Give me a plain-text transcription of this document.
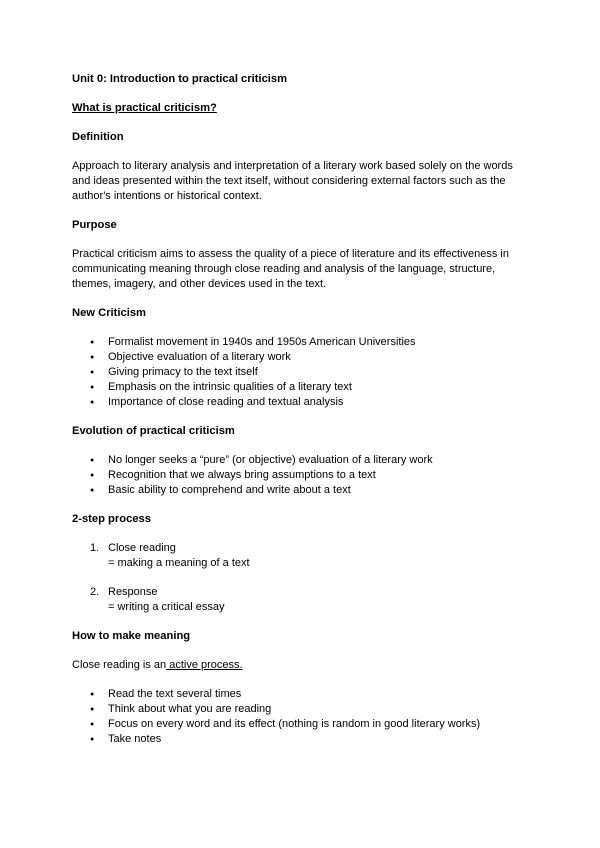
Unit 0: Introduction to practical criticism
What is practical criticism?
Definition

Approach to literary analysis and interpretation of a literary work based solely on the words and ideas presented within the text itself, without considering external factors such as the author's intentions or historical context.

Purpose

Practical criticism aims to assess the quality of a piece of literature and its effectiveness in communicating meaning through close reading and analysis of the language, structure, themes, imagery, and other devices used in the text.

New Criticism
● Formalist movement in 1940s and 1950s American Universities
● Objective evaluation of a literary work
● Giving primacy to the text itself
● Emphasis on the intrinsic qualities of a literary text
● Importance of close reading and textual analysis
Evolution of practical criticism
● No longer seeks a “pure” (or objective) evaluation of a literary work
● Recognition that we always bring assumptions to a text
● Basic ability to comprehend and write about a text
2-step process
1. Close reading
= making a meaning of a text
2. Response
= writing a critical essay
How to make meaning

Close reading is an active process.

● Read the text several times
● Think about what you are reading
● Focus on every word and its effect (nothing is random in good literary works)
● Take notes
